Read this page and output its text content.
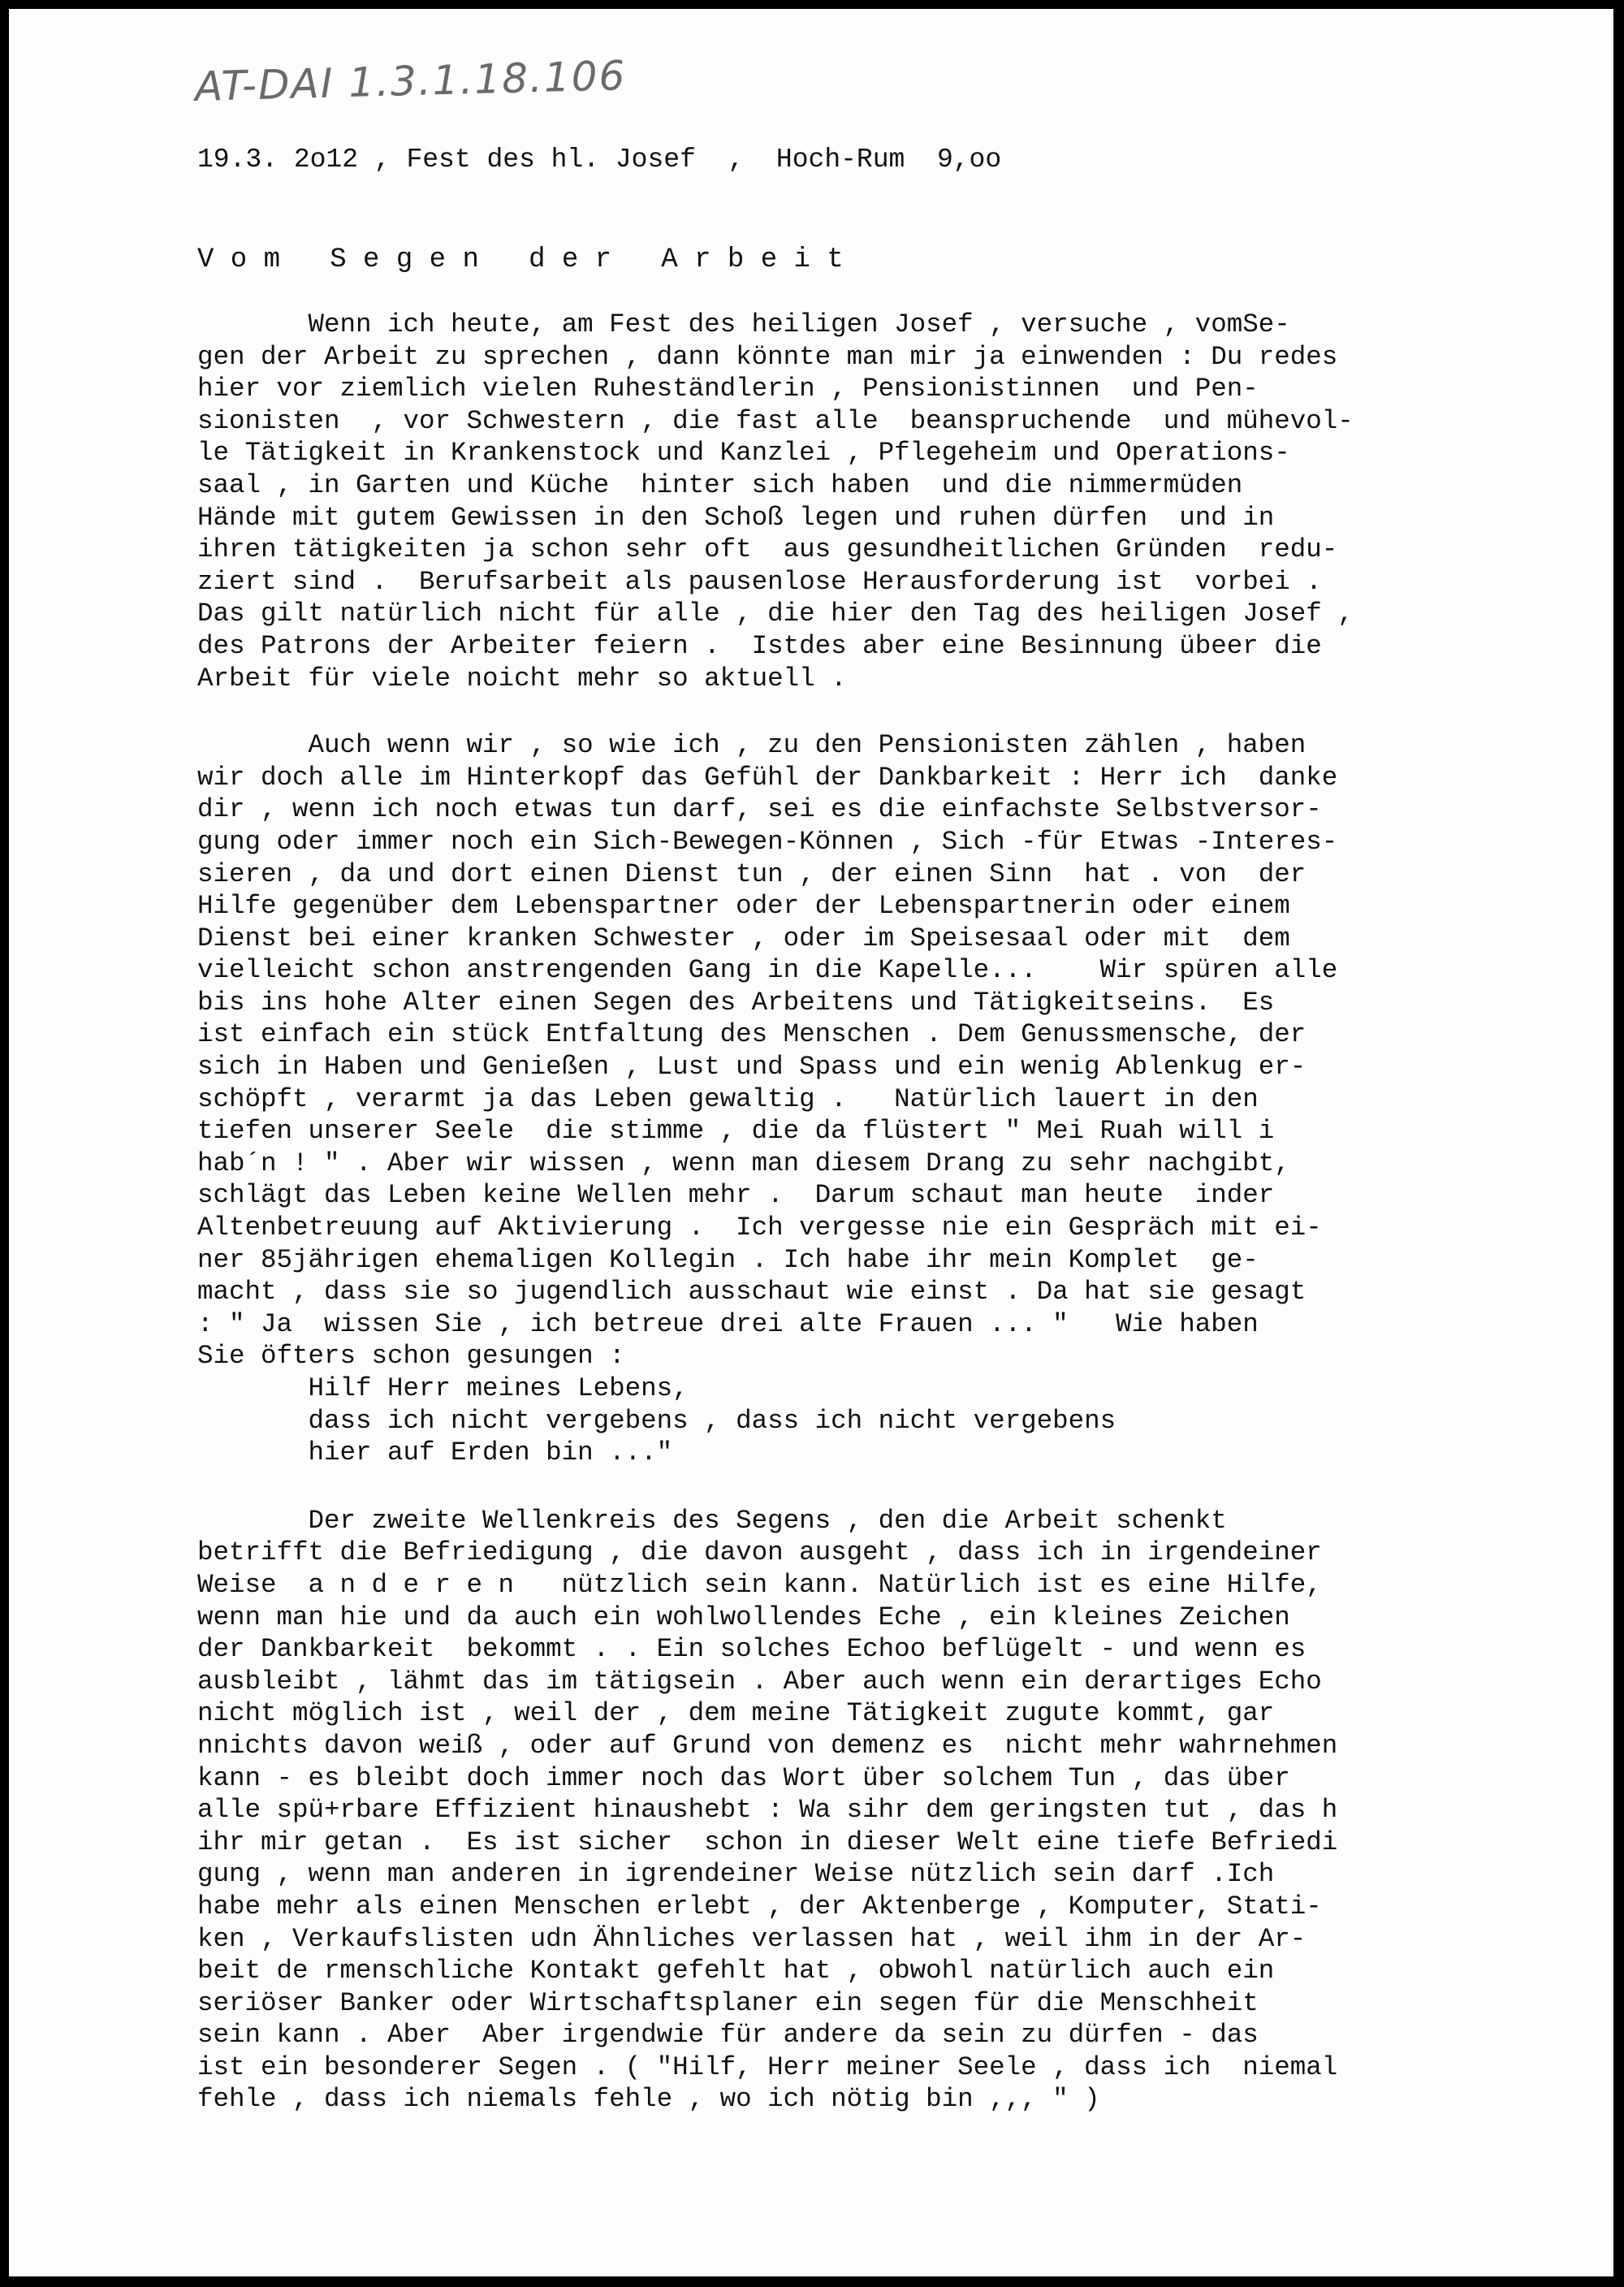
AT-DAI 1.3.1.18.106
19.3. 2o12 , Fest des hl. Josef  ,  Hoch-Rum  9,oo
V o m   S e g e n   d e r   A r b e i t
Wenn ich heute, am Fest des heiligen Josef , versuche , vomSe-
gen der Arbeit zu sprechen , dann könnte man mir ja einwenden : Du redes
hier vor ziemlich vielen Ruheständlerin , Pensionistinnen  und Pen-
sionisten  , vor Schwestern , die fast alle  beanspruchende  und mühevol-
le Tätigkeit in Krankenstock und Kanzlei , Pflegeheim und Operations-
saal , in Garten und Küche  hinter sich haben  und die nimmermüden
Hände mit gutem Gewissen in den Schoß legen und ruhen dürfen  und in
ihren tätigkeiten ja schon sehr oft  aus gesundheitlichen Gründen  redu-
ziert sind .  Berufsarbeit als pausenlose Herausforderung ist  vorbei .
Das gilt natürlich nicht für alle , die hier den Tag des heiligen Josef ,
des Patrons der Arbeiter feiern .  Istdes aber eine Besinnung übeer die
Arbeit für viele noicht mehr so aktuell .
Auch wenn wir , so wie ich , zu den Pensionisten zählen , haben
wir doch alle im Hinterkopf das Gefühl der Dankbarkeit : Herr ich  danke
dir , wenn ich noch etwas tun darf, sei es die einfachste Selbstversor-
gung oder immer noch ein Sich-Bewegen-Können , Sich -für Etwas -Interes-
sieren , da und dort einen Dienst tun , der einen Sinn  hat . von  der
Hilfe gegenüber dem Lebenspartner oder der Lebenspartnerin oder einem
Dienst bei einer kranken Schwester , oder im Speisesaal oder mit  dem
vielleicht schon anstrengenden Gang in die Kapelle...    Wir spüren alle
bis ins hohe Alter einen Segen des Arbeitens und Tätigkeitseins.  Es
ist einfach ein stück Entfaltung des Menschen . Dem Genussmensche, der
sich in Haben und Genießen , Lust und Spass und ein wenig Ablenkug er-
schöpft , verarmt ja das Leben gewaltig .   Natürlich lauert in den
tiefen unserer Seele  die stimme , die da flüstert " Mei Ruah will i
hab´n ! " . Aber wir wissen , wenn man diesem Drang zu sehr nachgibt,
schlägt das Leben keine Wellen mehr .  Darum schaut man heute  inder
Altenbetreuung auf Aktivierung .  Ich vergesse nie ein Gespräch mit ei-
ner 85jährigen ehemaligen Kollegin . Ich habe ihr mein Komplet  ge-
macht , dass sie so jugendlich ausschaut wie einst . Da hat sie gesagt
: " Ja  wissen Sie , ich betreue drei alte Frauen ... "   Wie haben
Sie öfters schon gesungen :
Hilf Herr meines Lebens,
dass ich nicht vergebens , dass ich nicht vergebens
hier auf Erden bin ..."
Der zweite Wellenkreis des Segens , den die Arbeit schenkt
betrifft die Befriedigung , die davon ausgeht , dass ich in irgendeiner
Weise  a n d e r e n   nützlich sein kann. Natürlich ist es eine Hilfe,
wenn man hie und da auch ein wohlwollendes Eche , ein kleines Zeichen
der Dankbarkeit  bekommt . . Ein solches Echoo beflügelt - und wenn es
ausbleibt , lähmt das im tätigsein . Aber auch wenn ein derartiges Echo
nicht möglich ist , weil der , dem meine Tätigkeit zugute kommt, gar
nnichts davon weiß , oder auf Grund von demenz es  nicht mehr wahrnehmen
kann - es bleibt doch immer noch das Wort über solchem Tun , das über
alle spü+rbare Effizient hinaushebt : Wa sihr dem geringsten tut , das h
ihr mir getan .  Es ist sicher  schon in dieser Welt eine tiefe Befriedi
gung , wenn man anderen in igrendeiner Weise nützlich sein darf .Ich
habe mehr als einen Menschen erlebt , der Aktenberge , Komputer, Stati-
ken , Verkaufslisten udn Ähnliches verlassen hat , weil ihm in der Ar-
beit de rmenschliche Kontakt gefehlt hat , obwohl natürlich auch ein
seriöser Banker oder Wirtschaftsplaner ein segen für die Menschheit
sein kann . Aber  Aber irgendwie für andere da sein zu dürfen - das
ist ein besonderer Segen . ( "Hilf, Herr meiner Seele , dass ich  niemal
fehle , dass ich niemals fehle , wo ich nötig bin ,,, " )
